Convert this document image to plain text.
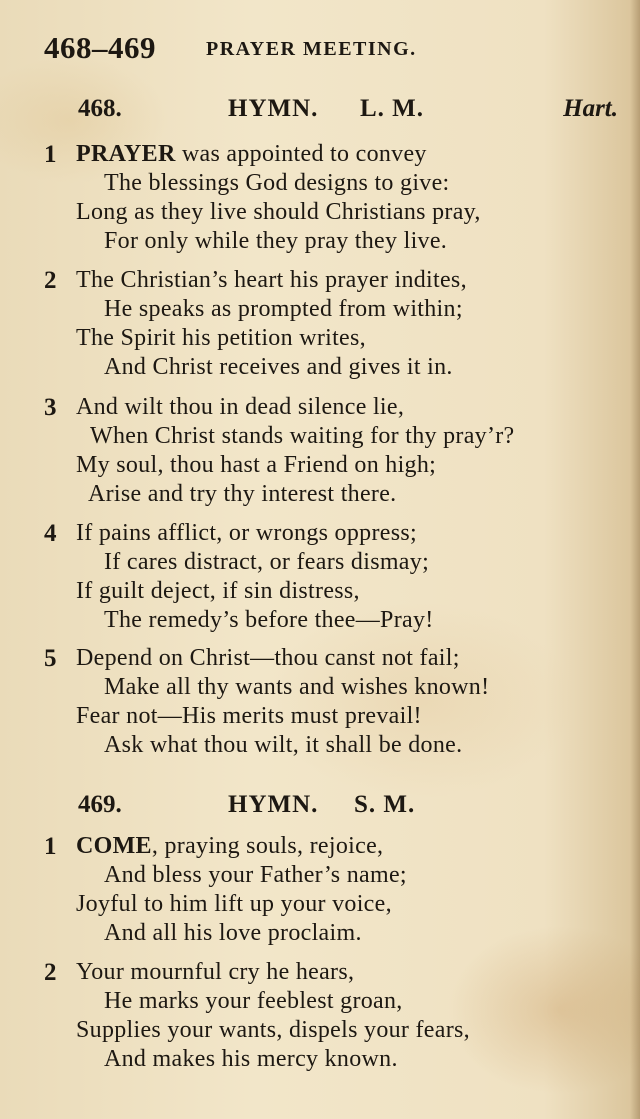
468–469	PRAYER MEETING.
468.	HYMN. L. M.	Hart.
1 PRAYER was appointed to convey
The blessings God designs to give:
Long as they live should Christians pray,
For only while they pray they live.
2 The Christian’s heart his prayer indites,
He speaks as prompted from within;
The Spirit his petition writes,
And Christ receives and gives it in.
3 And wilt thou in dead silence lie,
When Christ stands waiting for thy pray’r?
My soul, thou hast a Friend on high;
Arise and try thy interest there.
4 If pains afflict, or wrongs oppress;
If cares distract, or fears dismay;
If guilt deject, if sin distress,
The remedy’s before thee—Pray!
5 Depend on Christ—thou canst not fail;
Make all thy wants and wishes known!
Fear not—His merits must prevail!
Ask what thou wilt, it shall be done.
469.	HYMN. S. M.
1 COME, praying souls, rejoice,
And bless your Father’s name;
Joyful to him lift up your voice,
And all his love proclaim.
2 Your mournful cry he hears,
He marks your feeblest groan,
Supplies your wants, dispels your fears,
And makes his mercy known.
